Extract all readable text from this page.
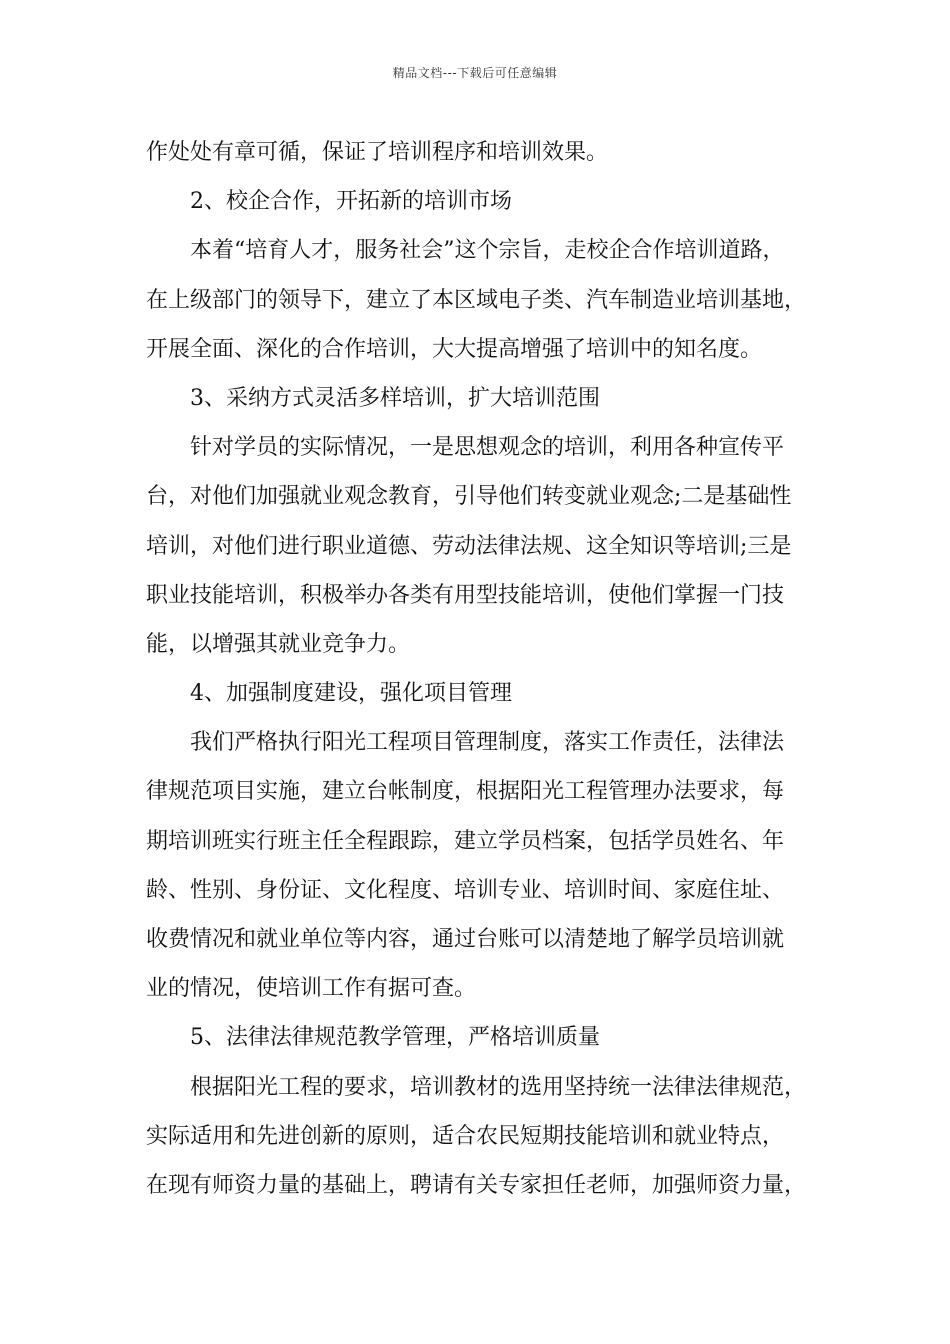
精品文档---下载后可任意编辑
作处处有章可循，保证了培训程序和培训效果。
2、校企合作，开拓新的培训市场
本着“培育人才，服务社会”这个宗旨，走校企合作培训道路，
在上级部门的领导下，建立了本区域电子类、汽车制造业培训基地，
开展全面、深化的合作培训，大大提高增强了培训中的知名度。
3、采纳方式灵活多样培训，扩大培训范围
针对学员的实际情况，一是思想观念的培训，利用各种宣传平
台，对他们加强就业观念教育，引导他们转变就业观念;二是基础性
培训，对他们进行职业道德、劳动法律法规、这全知识等培训;三是
职业技能培训，积极举办各类有用型技能培训，使他们掌握一门技
能，以增强其就业竞争力。
4、加强制度建设，强化项目管理
我们严格执行阳光工程项目管理制度，落实工作责任，法律法
律规范项目实施，建立台帐制度，根据阳光工程管理办法要求，每
期培训班实行班主任全程跟踪，建立学员档案，包括学员姓名、年
龄、性别、身份证、文化程度、培训专业、培训时间、家庭住址、
收费情况和就业单位等内容，通过台账可以清楚地了解学员培训就
业的情况，使培训工作有据可查。
5、法律法律规范教学管理，严格培训质量
根据阳光工程的要求，培训教材的选用坚持统一法律法律规范，
实际适用和先进创新的原则，适合农民短期技能培训和就业特点，
在现有师资力量的基础上，聘请有关专家担任老师，加强师资力量，
